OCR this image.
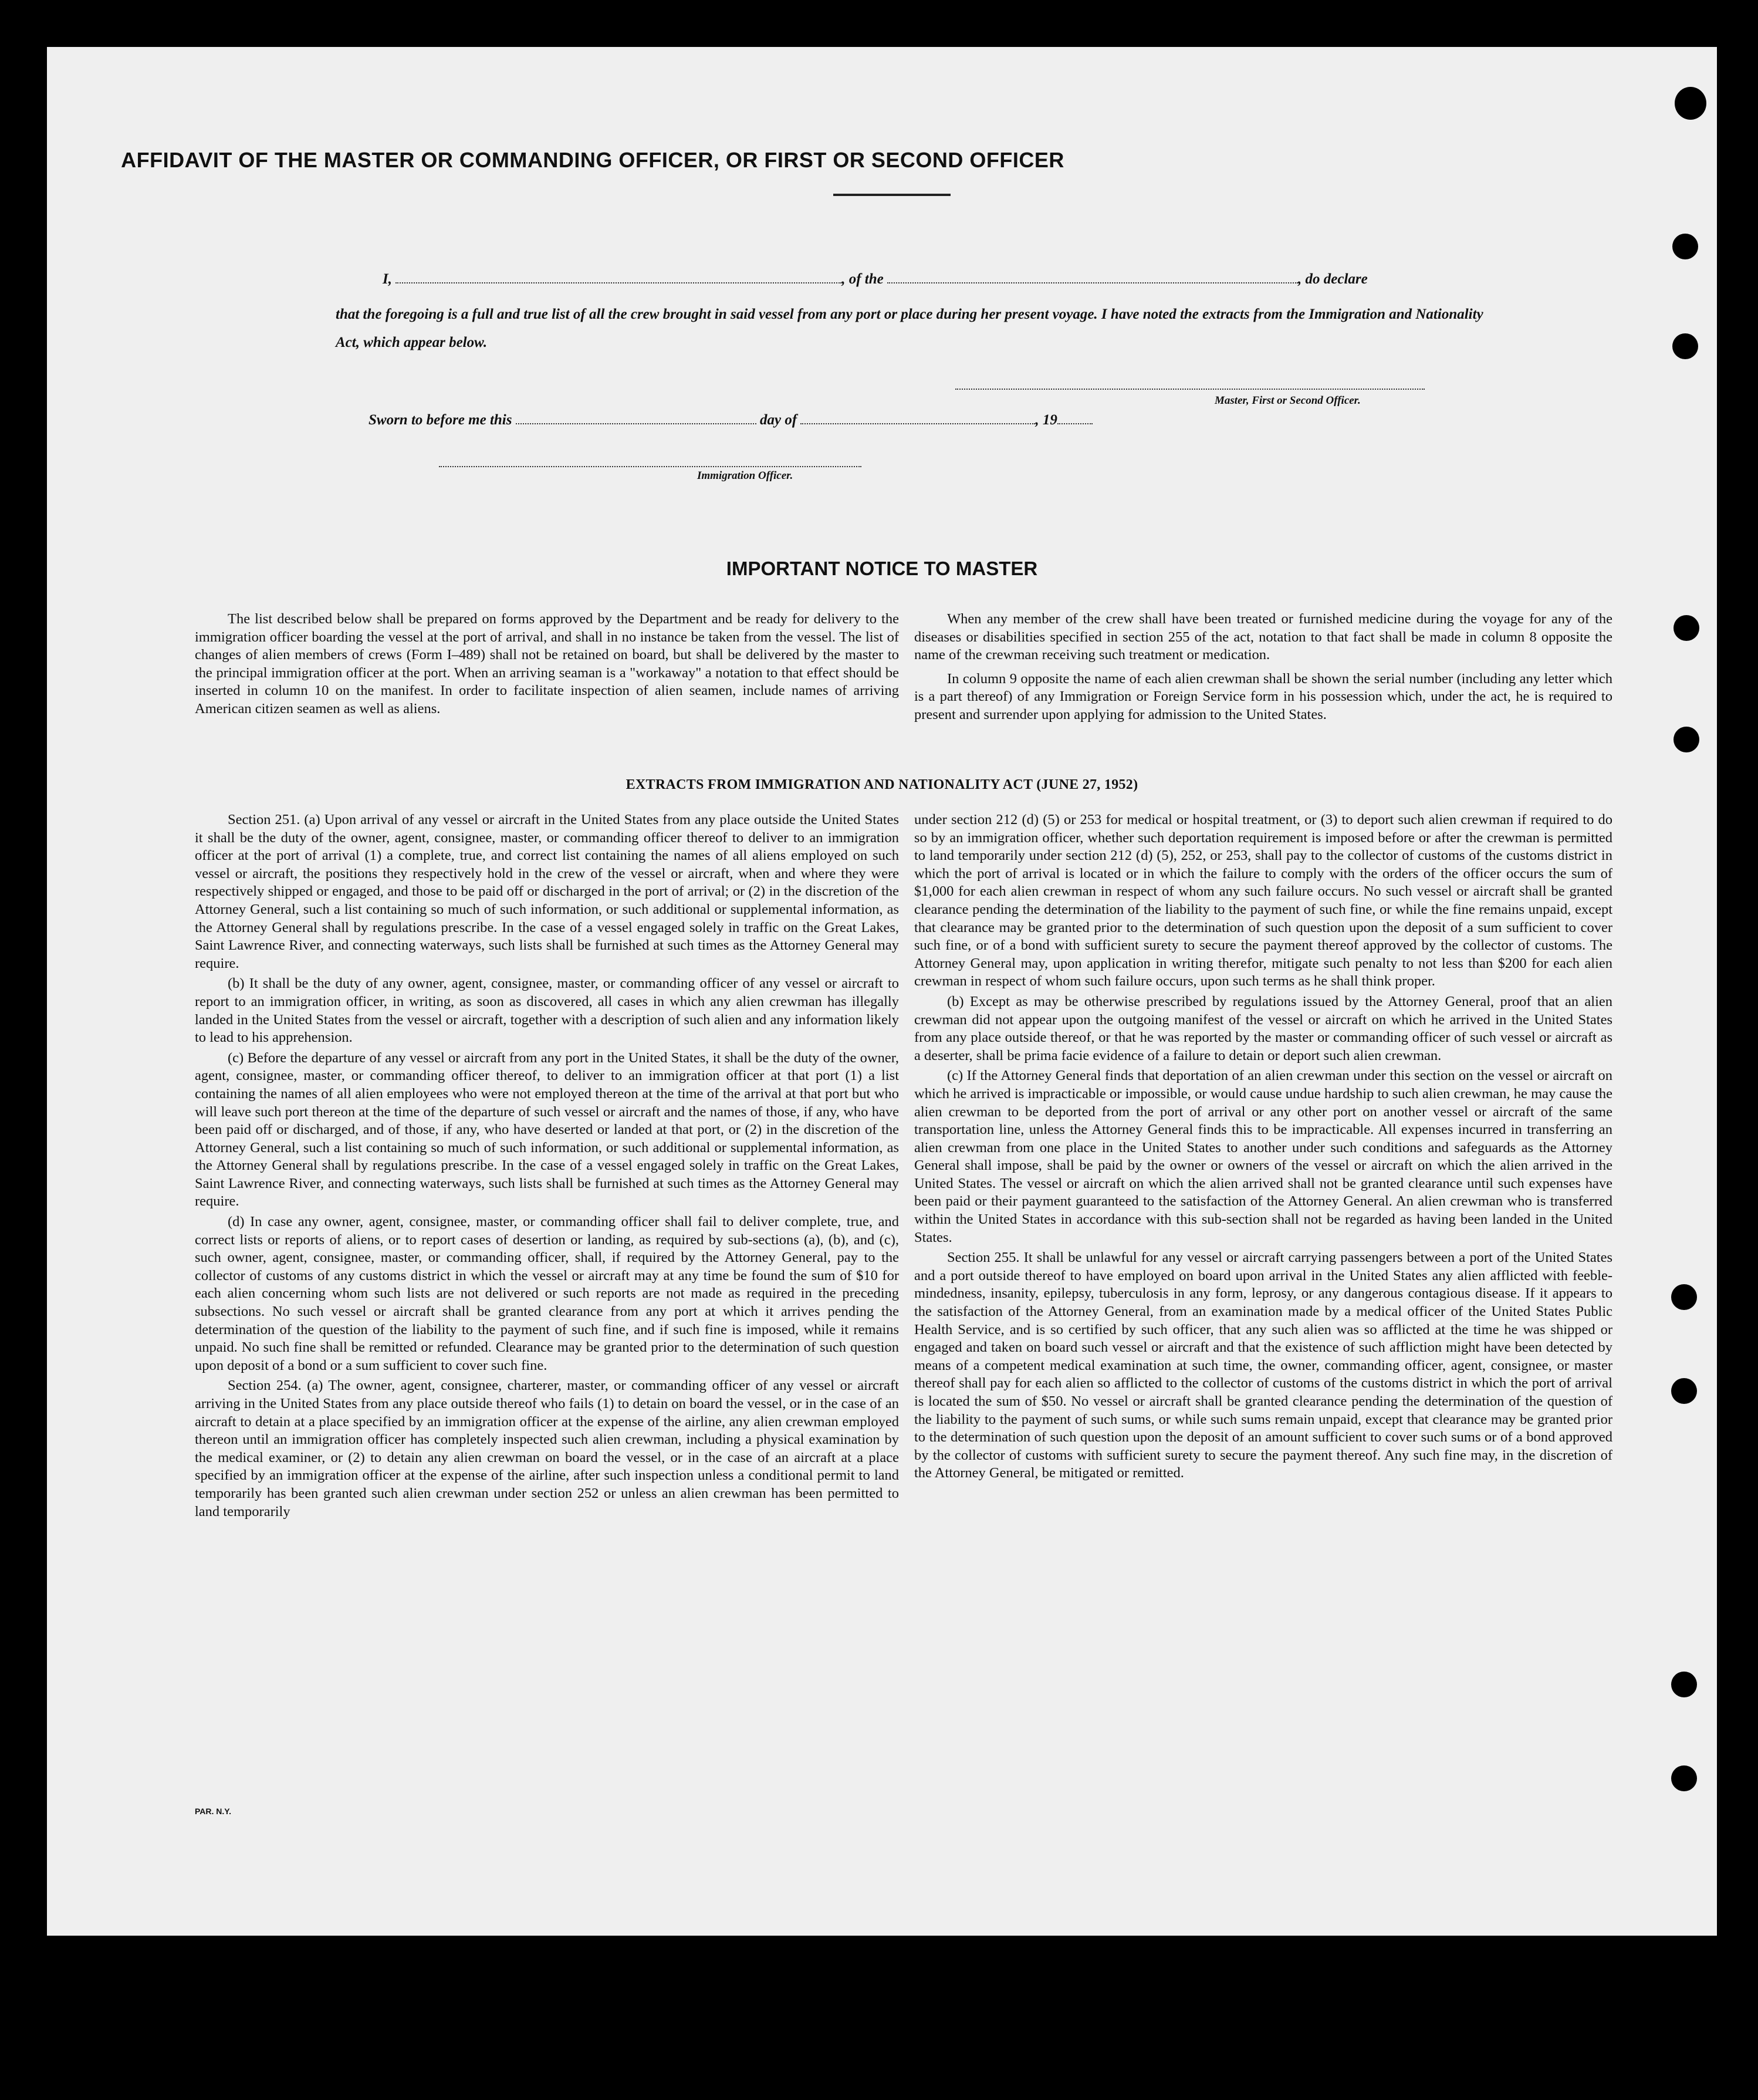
AFFIDAVIT OF THE MASTER OR COMMANDING OFFICER, OR FIRST OR SECOND OFFICER
I,	, of the	, do declare
that the foregoing is a full and true list of all the crew brought in said vessel from any port or place during her present voyage. I have noted the extracts from the Immigration and Nationality Act, which appear below.
Master, First or Second Officer.
Sworn to before me this	day of	, 19
Immigration Officer.
IMPORTANT NOTICE TO MASTER

The list described below shall be prepared on forms approved by the Department and be ready for delivery to the immigration officer boarding the vessel at the port of arrival, and shall in no instance be taken from the vessel. The list of changes of alien members of crews (Form I–489) shall not be retained on board, but shall be delivered by the master to the principal immigration officer at the port. When an arriving seaman is a "workaway" a notation to that effect should be inserted in column 10 on the manifest. In order to facilitate inspection of alien seamen, include names of arriving American citizen seamen as well as aliens.

When any member of the crew shall have been treated or furnished medicine during the voyage for any of the diseases or disabilities specified in section 255 of the act, notation to that fact shall be made in column 8 opposite the name of the crewman receiving such treatment or medication.

In column 9 opposite the name of each alien crewman shall be shown the serial number (including any letter which is a part thereof) of any Immigration or Foreign Service form in his possession which, under the act, he is required to present and surrender upon applying for admission to the United States.

EXTRACTS FROM IMMIGRATION AND NATIONALITY ACT (JUNE 27, 1952)

Section 251. (a) Upon arrival of any vessel or aircraft in the United States from any place outside the United States it shall be the duty of the owner, agent, consignee, master, or commanding officer thereof to deliver to an immigration officer at the port of arrival (1) a complete, true, and correct list containing the names of all aliens employed on such vessel or aircraft, the positions they respectively hold in the crew of the vessel or aircraft, when and where they were respectively shipped or engaged, and those to be paid off or discharged in the port of arrival; or (2) in the discretion of the Attorney General, such a list containing so much of such information, or such additional or supplemental information, as the Attorney General shall by regulations prescribe. In the case of a vessel engaged solely in traffic on the Great Lakes, Saint Lawrence River, and connecting waterways, such lists shall be furnished at such times as the Attorney General may require.

(b) It shall be the duty of any owner, agent, consignee, master, or commanding officer of any vessel or aircraft to report to an immigration officer, in writing, as soon as discovered, all cases in which any alien crewman has illegally landed in the United States from the vessel or aircraft, together with a description of such alien and any information likely to lead to his apprehension.

(c) Before the departure of any vessel or aircraft from any port in the United States, it shall be the duty of the owner, agent, consignee, master, or commanding officer thereof, to deliver to an immigration officer at that port (1) a list containing the names of all alien employees who were not employed thereon at the time of the arrival at that port but who will leave such port thereon at the time of the departure of such vessel or aircraft and the names of those, if any, who have been paid off or discharged, and of those, if any, who have deserted or landed at that port, or (2) in the discretion of the Attorney General, such a list containing so much of such information, or such additional or supplemental information, as the Attorney General shall by regulations prescribe. In the case of a vessel engaged solely in traffic on the Great Lakes, Saint Lawrence River, and connecting waterways, such lists shall be furnished at such times as the Attorney General may require.

(d) In case any owner, agent, consignee, master, or commanding officer shall fail to deliver complete, true, and correct lists or reports of aliens, or to report cases of desertion or landing, as required by sub-sections (a), (b), and (c), such owner, agent, consignee, master, or commanding officer, shall, if required by the Attorney General, pay to the collector of customs of any customs district in which the vessel or aircraft may at any time be found the sum of $10 for each alien concerning whom such lists are not delivered or such reports are not made as required in the preceding subsections. No such vessel or aircraft shall be granted clearance from any port at which it arrives pending the determination of the question of the liability to the payment of such fine, and if such fine is imposed, while it remains unpaid. No such fine shall be remitted or refunded. Clearance may be granted prior to the determination of such question upon deposit of a bond or a sum sufficient to cover such fine.

Section 254. (a) The owner, agent, consignee, charterer, master, or commanding officer of any vessel or aircraft arriving in the United States from any place outside thereof who fails (1) to detain on board the vessel, or in the case of an aircraft to detain at a place specified by an immigration officer at the expense of the airline, any alien crewman employed thereon until an immigration officer has completely inspected such alien crewman, including a physical examination by the medical examiner, or (2) to detain any alien crewman on board the vessel, or in the case of an aircraft at a place specified by an immigration officer at the expense of the airline, after such inspection unless a conditional permit to land temporarily has been granted such alien crewman under section 252 or unless an alien crewman has been permitted to land temporarily

under section 212 (d) (5) or 253 for medical or hospital treatment, or (3) to deport such alien crewman if required to do so by an immigration officer, whether such deportation requirement is imposed before or after the crewman is permitted to land temporarily under section 212 (d) (5), 252, or 253, shall pay to the collector of customs of the customs district in which the port of arrival is located or in which the failure to comply with the orders of the officer occurs the sum of $1,000 for each alien crewman in respect of whom any such failure occurs. No such vessel or aircraft shall be granted clearance pending the determination of the liability to the payment of such fine, or while the fine remains unpaid, except that clearance may be granted prior to the determination of such question upon the deposit of a sum sufficient to cover such fine, or of a bond with sufficient surety to secure the payment thereof approved by the collector of customs. The Attorney General may, upon application in writing therefor, mitigate such penalty to not less than $200 for each alien crewman in respect of whom such failure occurs, upon such terms as he shall think proper.

(b) Except as may be otherwise prescribed by regulations issued by the Attorney General, proof that an alien crewman did not appear upon the outgoing manifest of the vessel or aircraft on which he arrived in the United States from any place outside thereof, or that he was reported by the master or commanding officer of such vessel or aircraft as a deserter, shall be prima facie evidence of a failure to detain or deport such alien crewman.

(c) If the Attorney General finds that deportation of an alien crewman under this section on the vessel or aircraft on which he arrived is impracticable or impossible, or would cause undue hardship to such alien crewman, he may cause the alien crewman to be deported from the port of arrival or any other port on another vessel or aircraft of the same transportation line, unless the Attorney General finds this to be impracticable. All expenses incurred in transferring an alien crewman from one place in the United States to another under such conditions and safeguards as the Attorney General shall impose, shall be paid by the owner or owners of the vessel or aircraft on which the alien arrived in the United States. The vessel or aircraft on which the alien arrived shall not be granted clearance until such expenses have been paid or their payment guaranteed to the satisfaction of the Attorney General. An alien crewman who is transferred within the United States in accordance with this sub-section shall not be regarded as having been landed in the United States.

Section 255. It shall be unlawful for any vessel or aircraft carrying passengers between a port of the United States and a port outside thereof to have employed on board upon arrival in the United States any alien afflicted with feeble-mindedness, insanity, epilepsy, tuberculosis in any form, leprosy, or any dangerous contagious disease. If it appears to the satisfaction of the Attorney General, from an examination made by a medical officer of the United States Public Health Service, and is so certified by such officer, that any such alien was so afflicted at the time he was shipped or engaged and taken on board such vessel or aircraft and that the existence of such affliction might have been detected by means of a competent medical examination at such time, the owner, commanding officer, agent, consignee, or master thereof shall pay for each alien so afflicted to the collector of customs of the customs district in which the port of arrival is located the sum of $50. No vessel or aircraft shall be granted clearance pending the determination of the question of the liability to the payment of such sums, or while such sums remain unpaid, except that clearance may be granted prior to the determination of such question upon the deposit of an amount sufficient to cover such sums or of a bond approved by the collector of customs with sufficient surety to secure the payment thereof. Any such fine may, in the discretion of the Attorney General, be mitigated or remitted.

PAR. N.Y.
